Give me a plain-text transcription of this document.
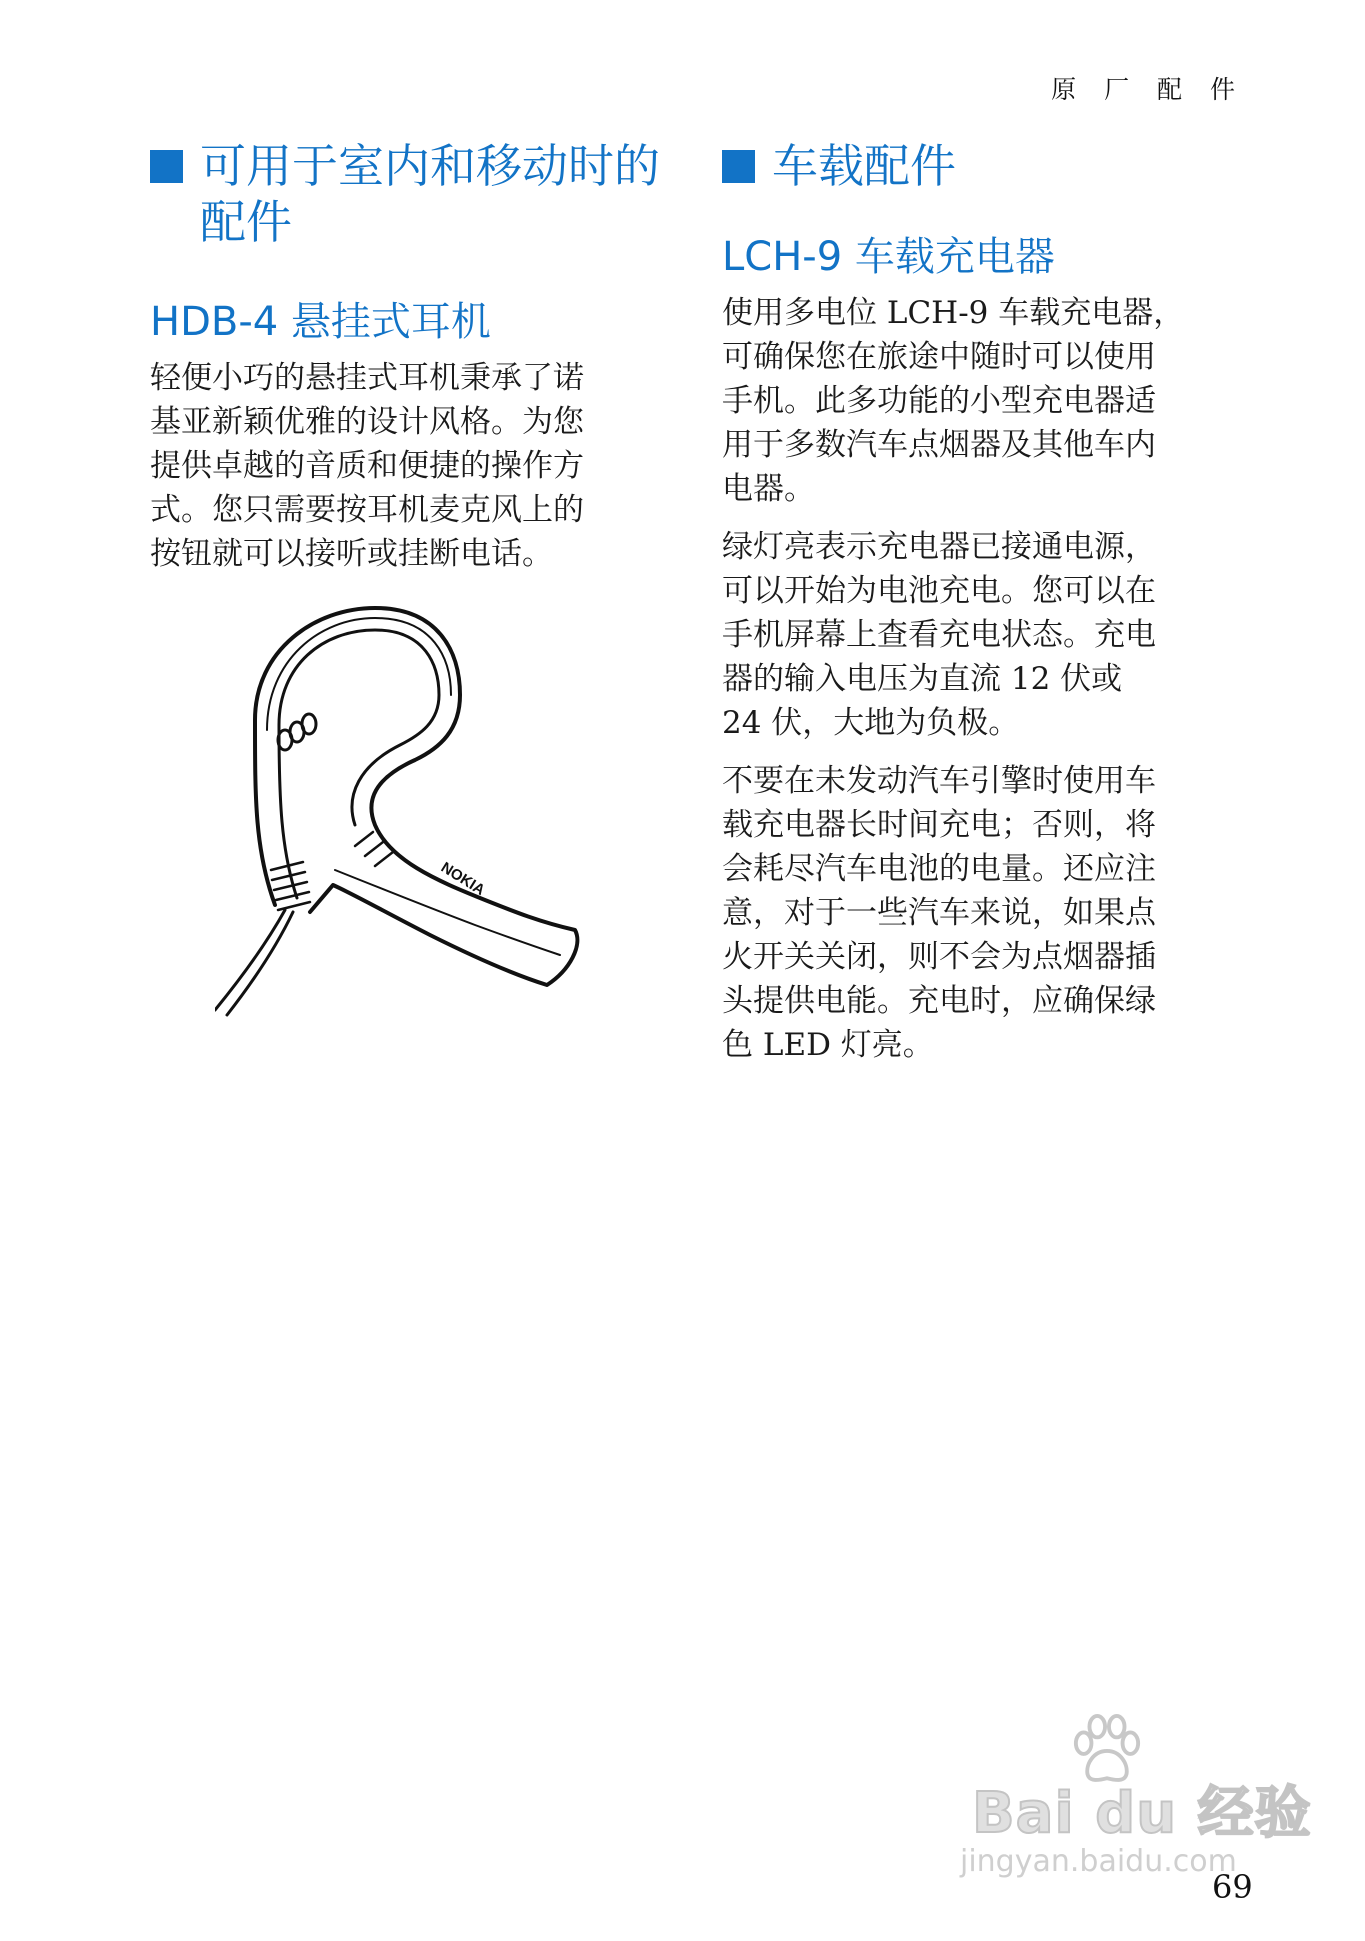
原 厂 配 件
可用于室内和移动时的
配件
HDB-4 悬挂式耳机

轻便小巧的悬挂式耳机秉承了诺
基亚新颖优雅的设计风格。为您
提供卓越的音质和便捷的操作方
式。您只需要按耳机麦克风上的
按钮就可以接听或挂断电话。

NOKIA
车载配件
LCH-9 车载充电器

使用多电位 LCH-9 车载充电器，
可确保您在旅途中随时可以使用
手机。此多功能的小型充电器适
用于多数汽车点烟器及其他车内
电器。

绿灯亮表示充电器已接通电源，
可以开始为电池充电。您可以在
手机屏幕上查看充电状态。充电
器的输入电压为直流 12 伏或
24 伏，大地为负极。

不要在未发动汽车引擎时使用车
载充电器长时间充电；否则，将
会耗尽汽车电池的电量。还应注
意，对于一些汽车来说，如果点
火开关关闭，则不会为点烟器插
头提供电能。充电时，应确保绿
色 LED 灯亮。

Bai du 经验
jingyan.baidu.com
69
